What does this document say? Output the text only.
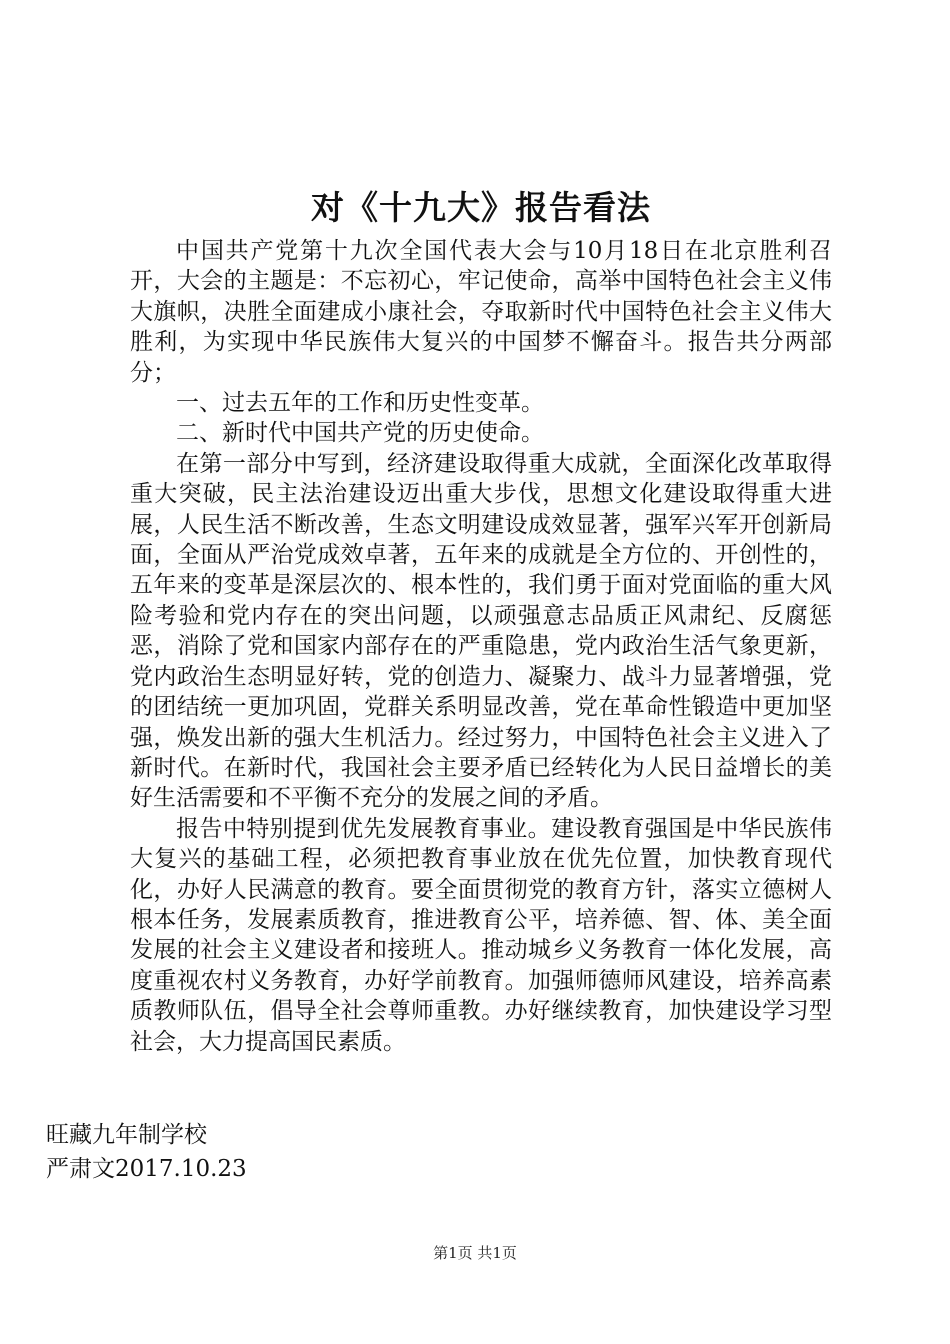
对《十九大》报告看法

中国共产党第十九次全国代表大会与10月18日在北京胜利召开，大会的主题是：不忘初心，牢记使命，高举中国特色社会主义伟大旗帜，决胜全面建成小康社会，夺取新时代中国特色社会主义伟大胜利，为实现中华民族伟大复兴的中国梦不懈奋斗。报告共分两部分；

一、过去五年的工作和历史性变革。

二、新时代中国共产党的历史使命。

在第一部分中写到，经济建设取得重大成就，全面深化改革取得重大突破，民主法治建设迈出重大步伐，思想文化建设取得重大进展，人民生活不断改善，生态文明建设成效显著，强军兴军开创新局面，全面从严治党成效卓著，五年来的成就是全方位的、开创性的，五年来的变革是深层次的、根本性的，我们勇于面对党面临的重大风险考验和党内存在的突出问题，以顽强意志品质正风肃纪、反腐惩恶，消除了党和国家内部存在的严重隐患，党内政治生活气象更新，党内政治生态明显好转，党的创造力、凝聚力、战斗力显著增强，党的团结统一更加巩固，党群关系明显改善，党在革命性锻造中更加坚强，焕发出新的强大生机活力。经过努力，中国特色社会主义进入了新时代。在新时代，我国社会主要矛盾已经转化为人民日益增长的美好生活需要和不平衡不充分的发展之间的矛盾。

报告中特别提到优先发展教育事业。建设教育强国是中华民族伟大复兴的基础工程，必须把教育事业放在优先位置，加快教育现代化，办好人民满意的教育。要全面贯彻党的教育方针，落实立德树人根本任务，发展素质教育，推进教育公平，培养德、智、体、美全面发展的社会主义建设者和接班人。推动城乡义务教育一体化发展，高度重视农村义务教育，办好学前教育。加强师德师风建设，培养高素质教师队伍，倡导全社会尊师重教。办好继续教育，加快建设学习型社会，大力提高国民素质。

旺藏九年制学校
严肃文2017.10.23
第1页 共1页
